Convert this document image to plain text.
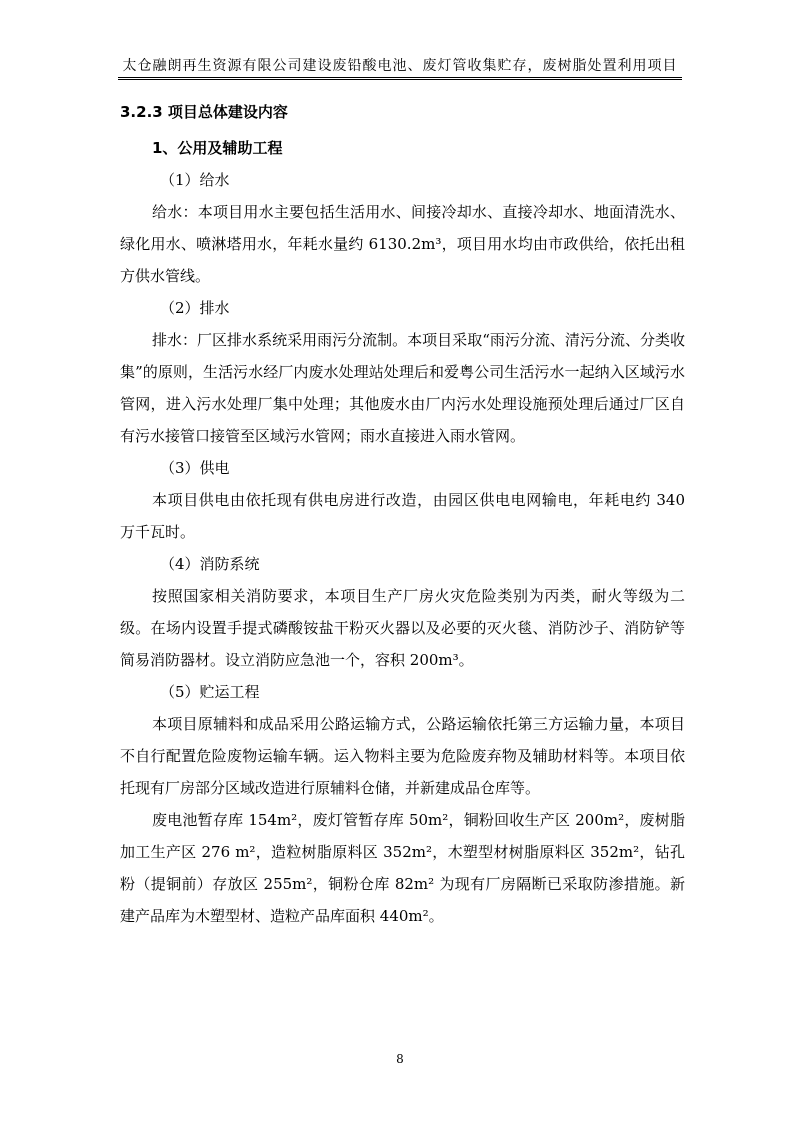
太仓融朗再生资源有限公司建设废铅酸电池、废灯管收集贮存，废树脂处置利用项目
3.2.3 项目总体建设内容
1、公用及辅助工程
（1）给水

给水：本项目用水主要包括生活用水、间接冷却水、直接冷却水、地面清洗水、绿化用水、喷淋塔用水，年耗水量约 6130.2m³，项目用水均由市政供给，依托出租方供水管线。

（2）排水

排水：厂区排水系统采用雨污分流制。本项目采取“雨污分流、清污分流、分类收集”的原则，生活污水经厂内废水处理站处理后和爱粤公司生活污水一起纳入区域污水管网，进入污水处理厂集中处理；其他废水由厂内污水处理设施预处理后通过厂区自有污水接管口接管至区域污水管网；雨水直接进入雨水管网。

（3）供电

本项目供电由依托现有供电房进行改造，由园区供电电网输电，年耗电约 340 万千瓦时。

（4）消防系统

按照国家相关消防要求，本项目生产厂房火灾危险类别为丙类，耐火等级为二级。在场内设置手提式磷酸铵盐干粉灭火器以及必要的灭火毯、消防沙子、消防铲等简易消防器材。设立消防应急池一个，容积 200m³。

（5）贮运工程

本项目原辅料和成品采用公路运输方式，公路运输依托第三方运输力量，本项目不自行配置危险废物运输车辆。运入物料主要为危险废弃物及辅助材料等。本项目依托现有厂房部分区域改造进行原辅料仓储，并新建成品仓库等。

废电池暂存库 154m²，废灯管暂存库 50m²，铜粉回收生产区 200m²，废树脂加工生产区 276 m²，造粒树脂原料区 352m²，木塑型材树脂原料区 352m²，钻孔粉（提铜前）存放区 255m²，铜粉仓库 82m² 为现有厂房隔断已采取防渗措施。新建产品库为木塑型材、造粒产品库面积 440m²。

8
